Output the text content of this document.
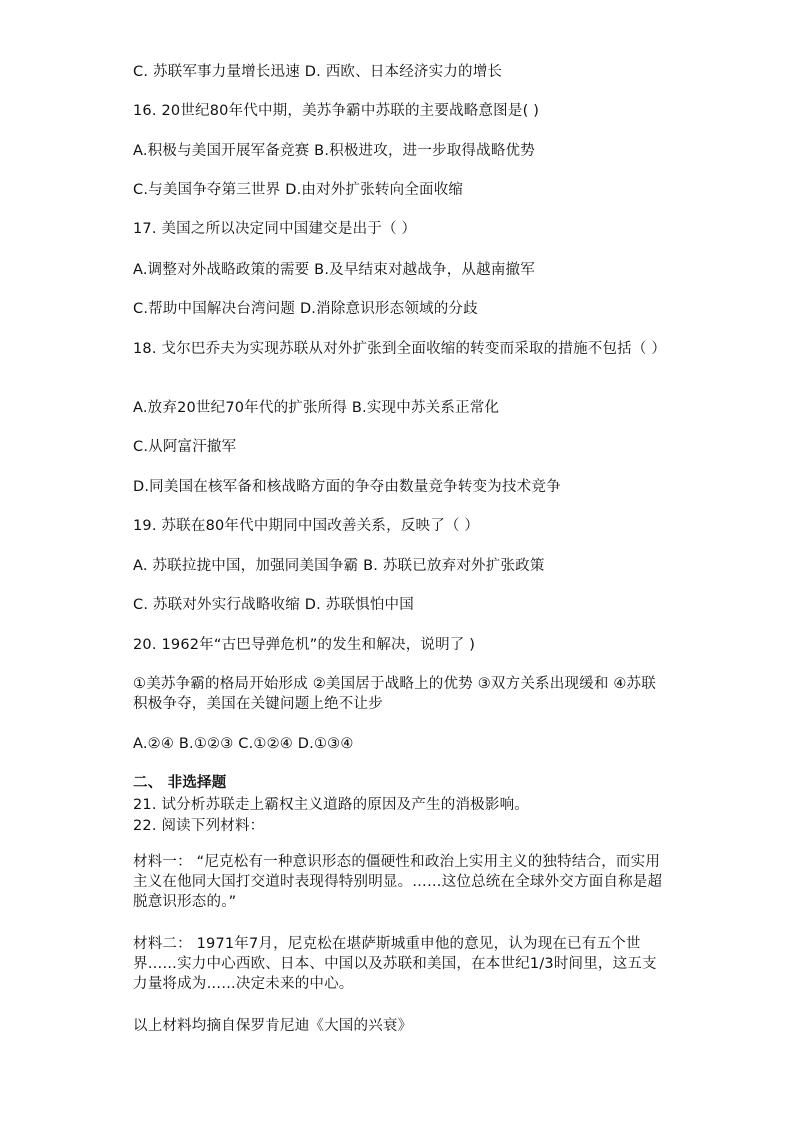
C. 苏联军事力量增长迅速 D. 西欧、日本经济实力的增长
16. 20世纪80年代中期，美苏争霸中苏联的主要战略意图是( )
A.积极与美国开展军备竞赛 B.积极进攻，进一步取得战略优势
C.与美国争夺第三世界 D.由对外扩张转向全面收缩
17. 美国之所以决定同中国建交是出于（ ）
A.调整对外战略政策的需要 B.及早结束对越战争，从越南撤军
C.帮助中国解决台湾问题 D.消除意识形态领域的分歧
18. 戈尔巴乔夫为实现苏联从对外扩张到全面收缩的转变而采取的措施不包括（ ）
A.放弃20世纪70年代的扩张所得 B.实现中苏关系正常化
C.从阿富汗撤军
D.同美国在核军备和核战略方面的争夺由数量竞争转变为技术竞争
19. 苏联在80年代中期同中国改善关系，反映了（ ）
A. 苏联拉拢中国，加强同美国争霸 B. 苏联已放弃对外扩张政策
C. 苏联对外实行战略收缩 D. 苏联惧怕中国
20. 1962年“古巴导弹危机”的发生和解决，说明了 )
①美苏争霸的格局开始形成 ②美国居于战略上的优势 ③双方关系出现缓和 ④苏联积极争夺，美国在关键问题上绝不让步
A.②④ B.①②③ C.①②④ D.①③④
二、 非选择题
21. 试分析苏联走上霸权主义道路的原因及产生的消极影响。
22. 阅读下列材料：
材料一： “尼克松有一种意识形态的僵硬性和政治上实用主义的独特结合，而实用主义在他同大国打交道时表现得特别明显。……这位总统在全球外交方面自称是超脱意识形态的。”
材料二： 1971年7月，尼克松在堪萨斯城重申他的意见，认为现在已有五个世界……实力中心西欧、日本、中国以及苏联和美国，在本世纪1/3时间里，这五支力量将成为……决定未来的中心。
以上材料均摘自保罗肯尼迪《大国的兴衰》
